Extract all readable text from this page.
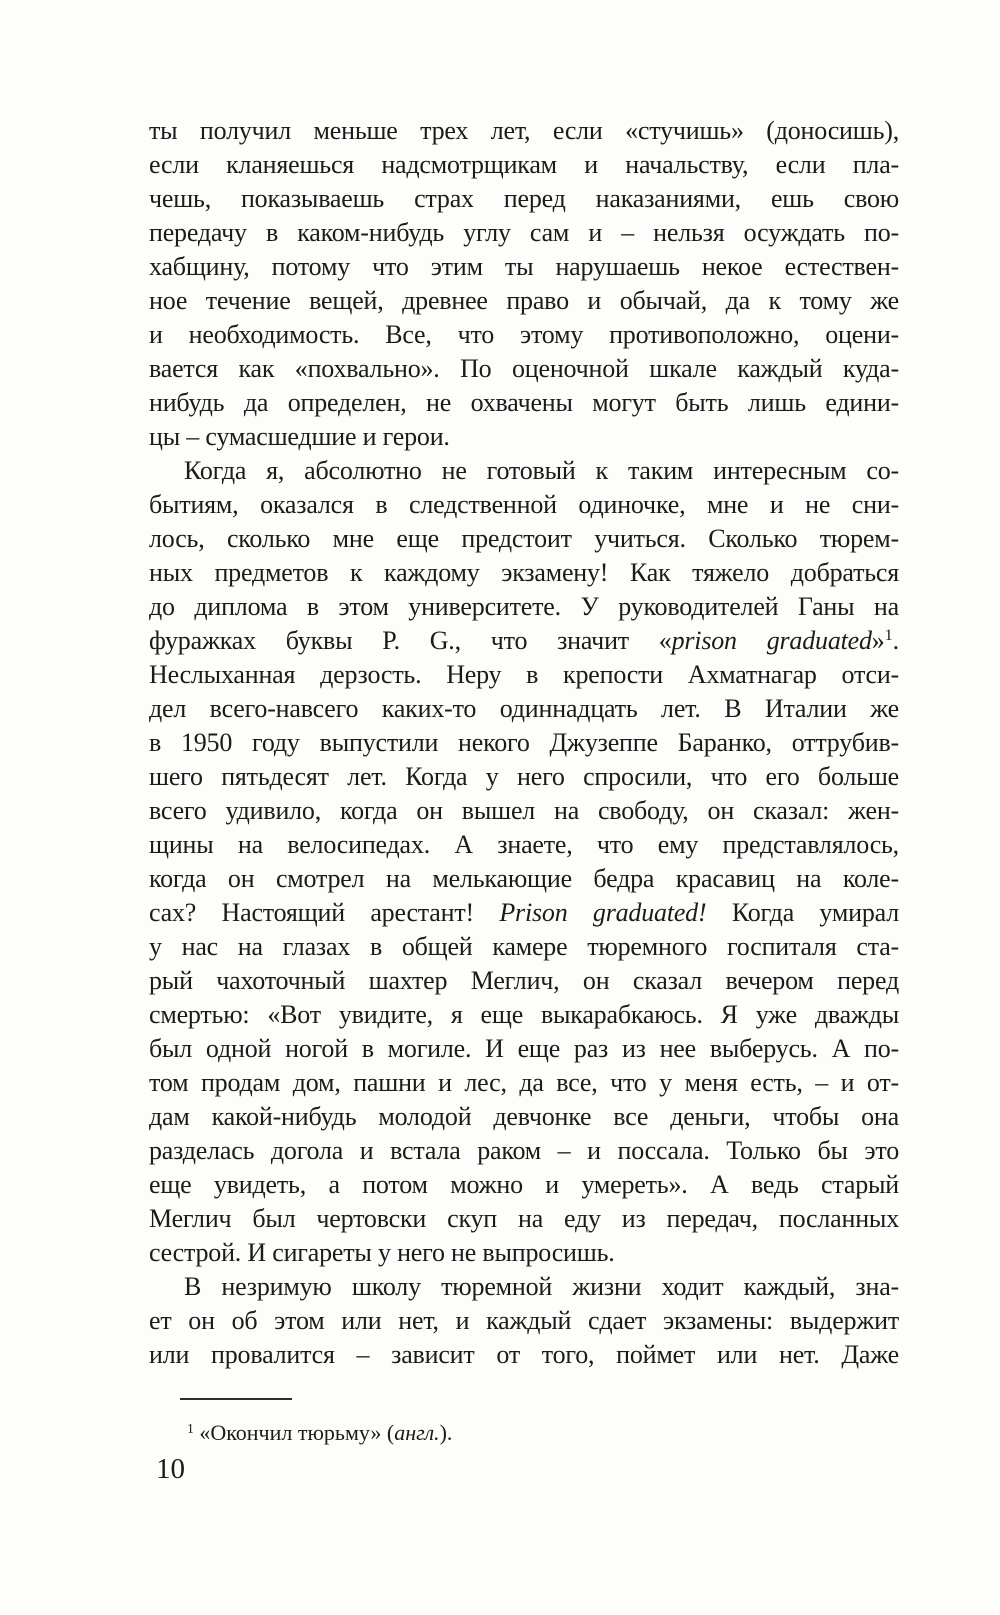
ты получил меньше трех лет, если «стучишь» (доносишь),
если кланяешься надсмотрщикам и начальству, если пла-
чешь, показываешь страх перед наказаниями, ешь свою
передачу в каком-нибудь углу сам и – нельзя осуждать по-
хабщину, потому что этим ты нарушаешь некое естествен-
ное течение вещей, древнее право и обычай, да к тому же
и необходимость. Все, что этому противоположно, оцени-
вается как «похвально». По оценочной шкале каждый куда-
нибудь да определен, не охвачены могут быть лишь едини-
цы – сумасшедшие и герои.
Когда я, абсолютно не готовый к таким интересным со-
бытиям, оказался в следственной одиночке, мне и не сни-
лось, сколько мне еще предстоит учиться. Сколько тюрем-
ных предметов к каждому экзамену! Как тяжело добраться
до диплома в этом университете. У руководителей Ганы на
фуражках буквы P. G., что значит «prison graduated»$^1$.
Неслыханная дерзость. Неру в крепости Ахматнагар отси-
дел всего-навсего каких-то одиннадцать лет. В Италии же
в 1950 году выпустили некого Джузеппе Баранко, оттрубив-
шего пятьдесят лет. Когда у него спросили, что его больше
всего удивило, когда он вышел на свободу, он сказал: жен-
щины на велосипедах. А знаете, что ему представлялось,
когда он смотрел на мелькающие бедра красавиц на коле-
сах? Настоящий арестант! Prison graduated! Когда умирал
у нас на глазах в общей камере тюремного госпиталя ста-
рый чахоточный шахтер Меглич, он сказал вечером перед
смертью: «Вот увидите, я еще выкарабкаюсь. Я уже дважды
был одной ногой в могиле. И еще раз из нее выберусь. А по-
том продам дом, пашни и лес, да все, что у меня есть, – и от-
дам какой-нибудь молодой девчонке все деньги, чтобы она
разделась догола и встала раком – и поссала. Только бы это
еще увидеть, а потом можно и умереть». А ведь старый
Меглич был чертовски скуп на еду из передач, посланных
сестрой. И сигареты у него не выпросишь.
В незримую школу тюремной жизни ходит каждый, зна-
ет он об этом или нет, и каждый сдает экзамены: выдержит
или провалится – зависит от того, поймет или нет. Даже
$^1$ «Окончил тюрьму» (англ.).
10
